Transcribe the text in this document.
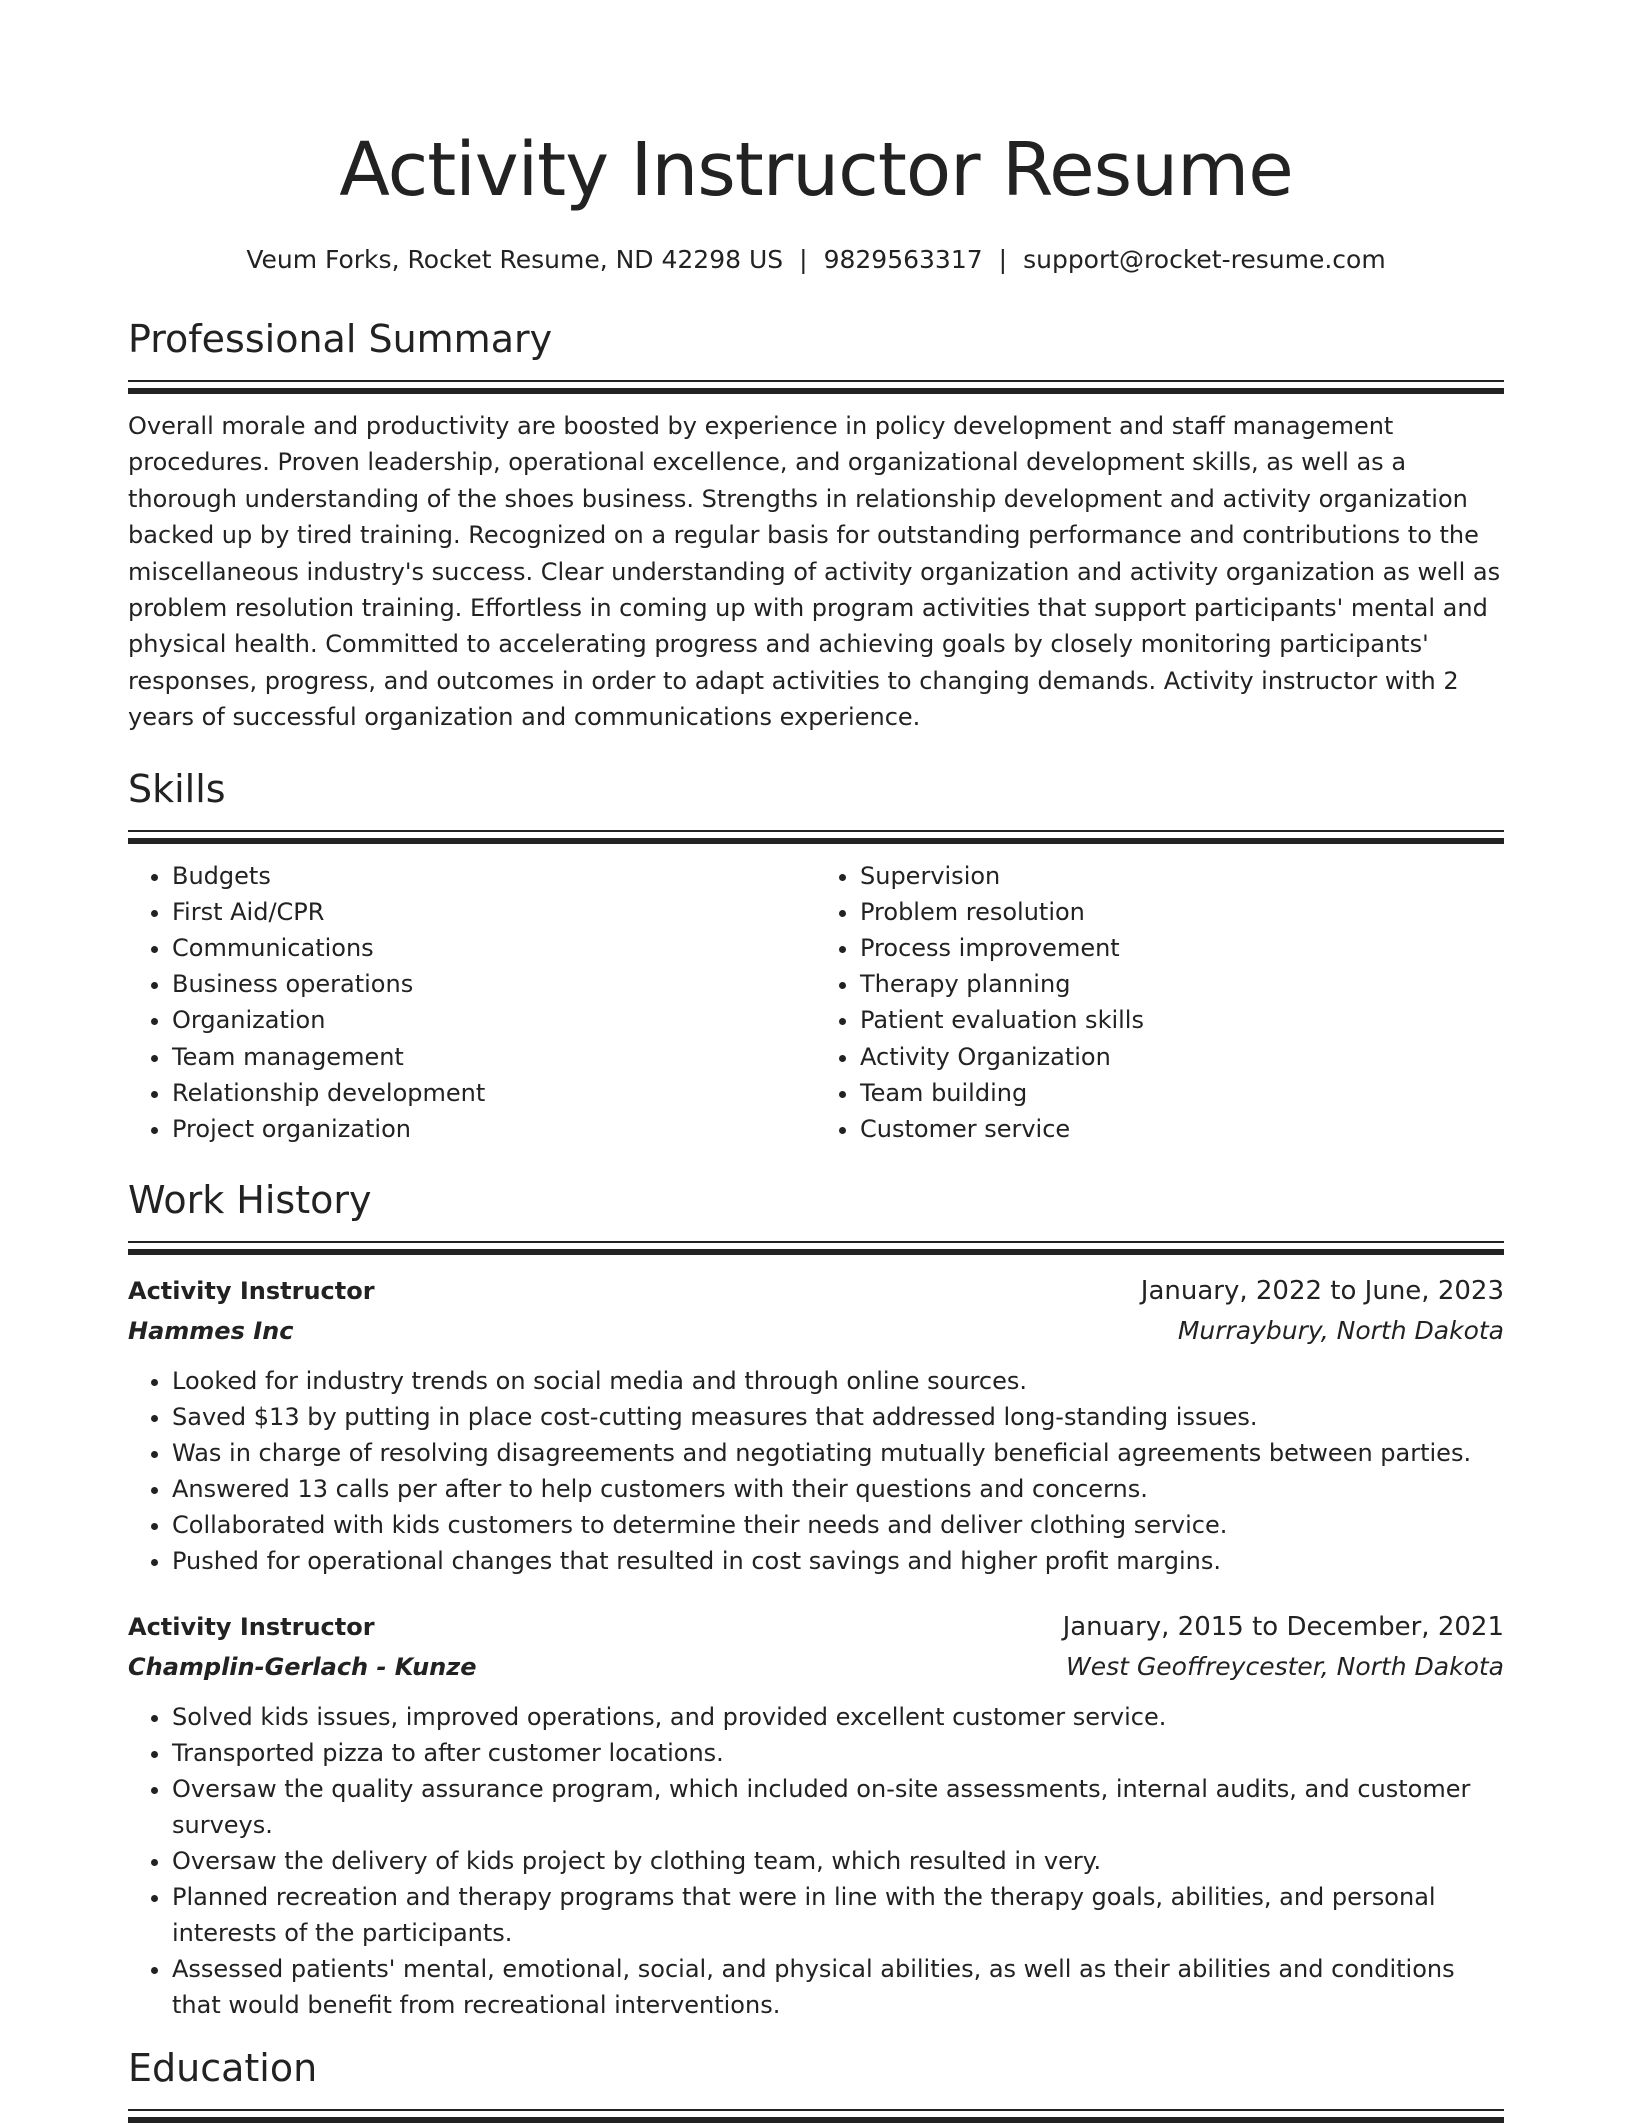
Activity Instructor Resume
Veum Forks, Rocket Resume, ND 42298 US | 9829563317 | support@rocket-resume.com
Professional Summary

Overall morale and productivity are boosted by experience in policy development and staff management procedures. Proven leadership, operational excellence, and organizational development skills, as well as a thorough understanding of the shoes business. Strengths in relationship development and activity organization backed up by tired training. Recognized on a regular basis for outstanding performance and contributions to the miscellaneous industry's success. Clear understanding of activity organization and activity organization as well as problem resolution training. Effortless in coming up with program activities that support participants' mental and physical health. Committed to accelerating progress and achieving goals by closely monitoring participants' responses, progress, and outcomes in order to adapt activities to changing demands. Activity instructor with 2 years of successful organization and communications experience.

Skills
• Budgets
• First Aid/CPR
• Communications
• Business operations
• Organization
• Team management
• Relationship development
• Project organization
• Supervision
• Problem resolution
• Process improvement
• Therapy planning
• Patient evaluation skills
• Activity Organization
• Team building
• Customer service
Work History
Activity Instructor	January, 2022 to June, 2023
Hammes Inc	Murraybury, North Dakota
• Looked for industry trends on social media and through online sources.
• Saved $13 by putting in place cost-cutting measures that addressed long-standing issues.
• Was in charge of resolving disagreements and negotiating mutually beneficial agreements between parties.
• Answered 13 calls per after to help customers with their questions and concerns.
• Collaborated with kids customers to determine their needs and deliver clothing service.
• Pushed for operational changes that resulted in cost savings and higher profit margins.
Activity Instructor	January, 2015 to December, 2021
Champlin-Gerlach - Kunze	West Geoffreycester, North Dakota
• Solved kids issues, improved operations, and provided excellent customer service.
• Transported pizza to after customer locations.
• Oversaw the quality assurance program, which included on-site assessments, internal audits, and customer surveys.
• Oversaw the delivery of kids project by clothing team, which resulted in very.
• Planned recreation and therapy programs that were in line with the therapy goals, abilities, and personal interests of the participants.
• Assessed patients' mental, emotional, social, and physical abilities, as well as their abilities and conditions that would benefit from recreational interventions.
Education
